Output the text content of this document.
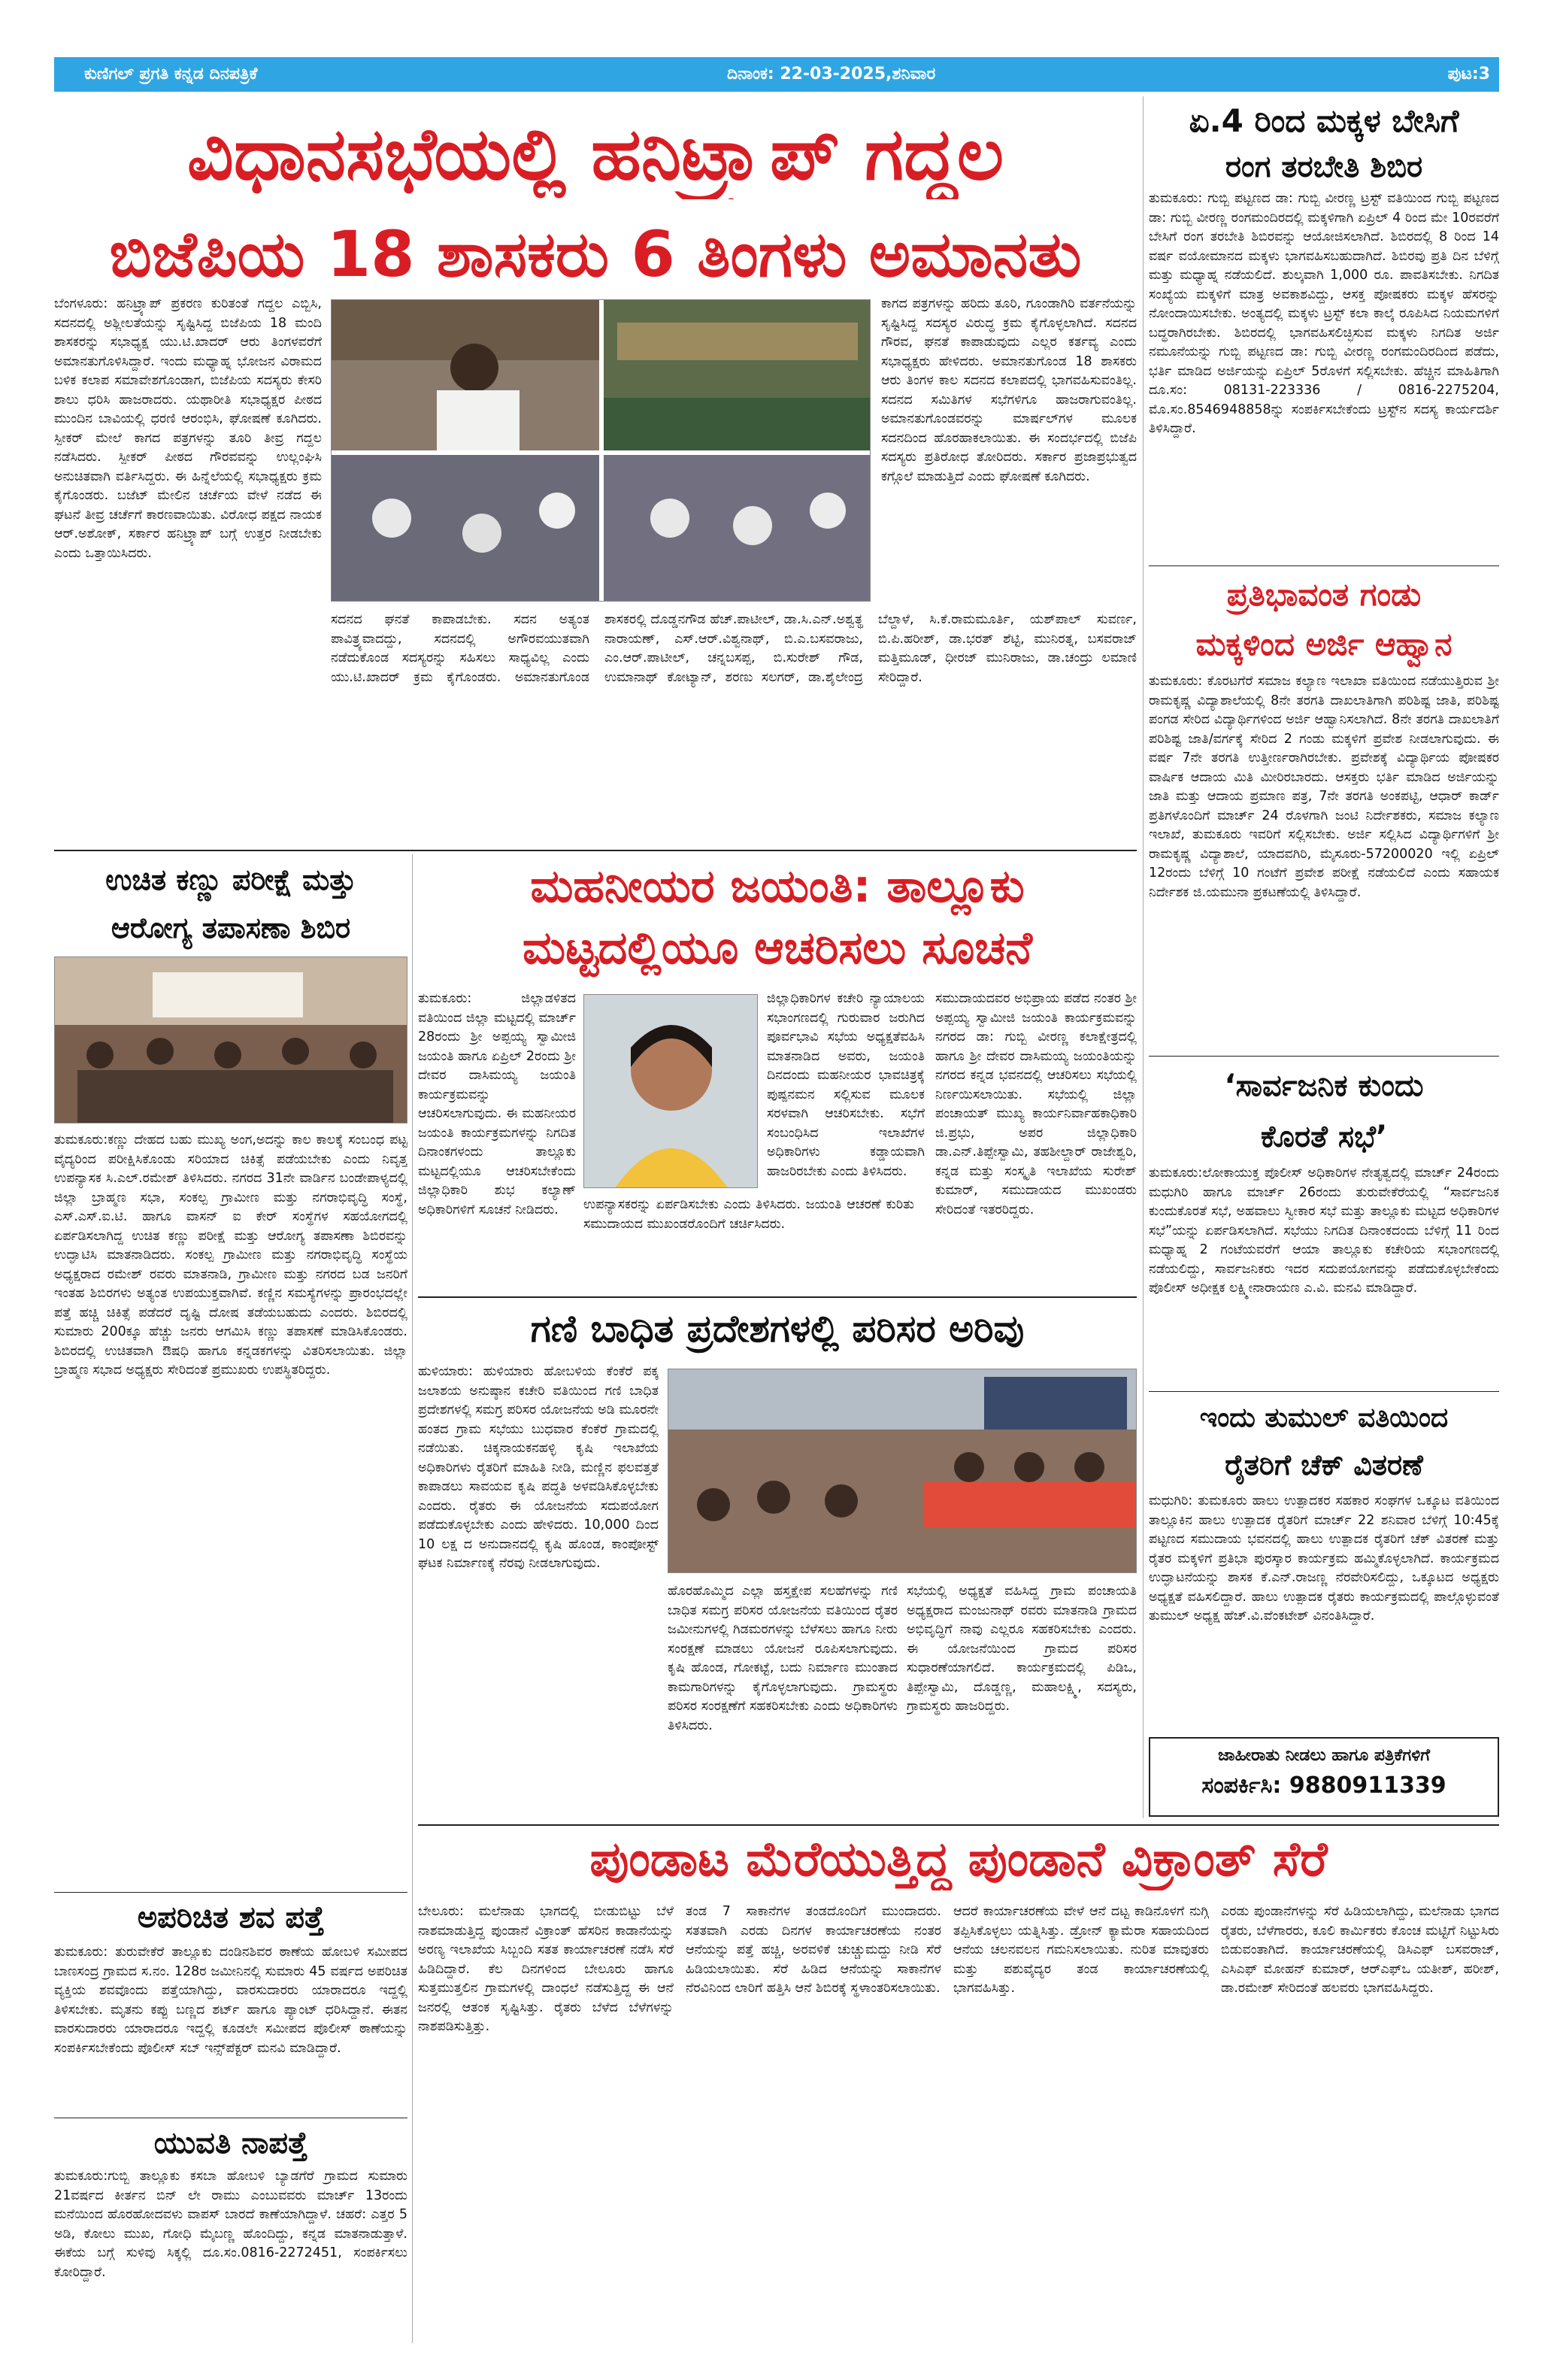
ಕುಣಿಗಲ್ ಪ್ರಗತಿ ಕನ್ನಡ ದಿನಪತ್ರಿಕೆ	ದಿನಾಂಕ: 22-03-2025,ಶನಿವಾರ	ಪುಟ:3
ವಿಧಾನಸಭೆಯಲ್ಲಿ ಹನಿಟ್ರ್ಯಾಪ್ ಗದ್ದಲ
ಬಿಜೆಪಿಯ 18 ಶಾಸಕರು 6 ತಿಂಗಳು ಅಮಾನತು

ಬೆಂಗಳೂರು: ಹನಿಟ್ರ್ಯಾಪ್ ಪ್ರಕರಣ ಕುರಿತಂತೆ ಗದ್ದಲ ಎಬ್ಬಿಸಿ, ಸದನದಲ್ಲಿ ಅಶ್ಲೀಲತೆಯನ್ನು ಸೃಷ್ಟಿಸಿದ್ದ ಬಿಜೆಪಿಯ 18 ಮಂದಿ ಶಾಸಕರನ್ನು ಸಭಾಧ್ಯಕ್ಷ ಯು.ಟಿ.ಖಾದರ್ ಆರು ತಿಂಗಳವರೆಗೆ ಅಮಾನತುಗೊಳಿಸಿದ್ದಾರೆ. ಇಂದು ಮಧ್ಯಾಹ್ನ ಭೋಜನ ವಿರಾಮದ ಬಳಿಕ ಕಲಾಪ ಸಮಾವೇಶಗೊಂಡಾಗ, ಬಿಜೆಪಿಯ ಸದಸ್ಯರು ಕೇಸರಿ ಶಾಲು ಧರಿಸಿ ಹಾಜರಾದರು. ಯಥಾರೀತಿ ಸಭಾಧ್ಯಕ್ಷರ ಪೀಠದ ಮುಂದಿನ ಬಾವಿಯಲ್ಲಿ ಧರಣಿ ಆರಂಭಿಸಿ, ಘೋಷಣೆ ಕೂಗಿದರು. ಸ್ಪೀಕರ್ ಮೇಲೆ ಕಾಗದ ಪತ್ರಗಳನ್ನು ತೂರಿ ತೀವ್ರ ಗದ್ದಲ ನಡೆಸಿದರು. ಸ್ಪೀಕರ್ ಪೀಠದ ಗೌರವವನ್ನು ಉಲ್ಲಂಘಿಸಿ ಅನುಚಿತವಾಗಿ ವರ್ತಿಸಿದ್ದರು. ಈ ಹಿನ್ನೆಲೆಯಲ್ಲಿ ಸಭಾಧ್ಯಕ್ಷರು ಕ್ರಮ ಕೈಗೊಂಡರು. ಬಜೆಟ್ ಮೇಲಿನ ಚರ್ಚೆಯ ವೇಳೆ ನಡೆದ ಈ ಘಟನೆ ತೀವ್ರ ಚರ್ಚೆಗೆ ಕಾರಣವಾಯಿತು. ವಿರೋಧ ಪಕ್ಷದ ನಾಯಕ ಆರ್.ಅಶೋಕ್, ಸರ್ಕಾರ ಹನಿಟ್ರ್ಯಾಪ್ ಬಗ್ಗೆ ಉತ್ತರ ನೀಡಬೇಕು ಎಂದು ಒತ್ತಾಯಿಸಿದರು.

ಕಾಗದ ಪತ್ರಗಳನ್ನು ಹರಿದು ತೂರಿ, ಗೂಂಡಾಗಿರಿ ವರ್ತನೆಯನ್ನು ಸೃಷ್ಟಿಸಿದ್ದ ಸದಸ್ಯರ ವಿರುದ್ಧ ಕ್ರಮ ಕೈಗೊಳ್ಳಲಾಗಿದೆ. ಸದನದ ಗೌರವ, ಘನತೆ ಕಾಪಾಡುವುದು ಎಲ್ಲರ ಕರ್ತವ್ಯ ಎಂದು ಸಭಾಧ್ಯಕ್ಷರು ಹೇಳಿದರು. ಅಮಾನತುಗೊಂಡ 18 ಶಾಸಕರು ಆರು ತಿಂಗಳ ಕಾಲ ಸದನದ ಕಲಾಪದಲ್ಲಿ ಭಾಗವಹಿಸುವಂತಿಲ್ಲ. ಸದನದ ಸಮಿತಿಗಳ ಸಭೆಗಳಿಗೂ ಹಾಜರಾಗುವಂತಿಲ್ಲ. ಅಮಾನತುಗೊಂಡವರನ್ನು ಮಾರ್ಷಲ್‌ಗಳ ಮೂಲಕ ಸದನದಿಂದ ಹೊರಹಾಕಲಾಯಿತು. ಈ ಸಂದರ್ಭದಲ್ಲಿ ಬಿಜೆಪಿ ಸದಸ್ಯರು ಪ್ರತಿರೋಧ ತೋರಿದರು. ಸರ್ಕಾರ ಪ್ರಜಾಪ್ರಭುತ್ವದ ಕಗ್ಗೊಲೆ ಮಾಡುತ್ತಿದೆ ಎಂದು ಘೋಷಣೆ ಕೂಗಿದರು.

ಸದನದ ಘನತೆ ಕಾಪಾಡಬೇಕು. ಸದನ ಅತ್ಯಂತ ಪಾವಿತ್ರ್ಯವಾದದ್ದು, ಸದನದಲ್ಲಿ ಅಗೌರವಯುತವಾಗಿ ನಡೆದುಕೊಂಡ ಸದಸ್ಯರನ್ನು ಸಹಿಸಲು ಸಾಧ್ಯವಿಲ್ಲ ಎಂದು ಯು.ಟಿ.ಖಾದರ್ ಕ್ರಮ ಕೈಗೊಂಡರು. ಅಮಾನತುಗೊಂಡ ಶಾಸಕರಲ್ಲಿ ದೊಡ್ಡನಗೌಡ ಹೆಚ್.ಪಾಟೀಲ್, ಡಾ.ಸಿ.ಎನ್.ಅಶ್ವತ್ಥ ನಾರಾಯಣ್, ಎಸ್.ಆರ್.ವಿಶ್ವನಾಥ್, ಬಿ.ಎ.ಬಸವರಾಜು, ಎಂ.ಆರ್.ಪಾಟೀಲ್, ಚನ್ನಬಸಪ್ಪ, ಬಿ.ಸುರೇಶ್ ಗೌಡ, ಉಮಾನಾಥ್ ಕೋಟ್ಯಾನ್, ಶರಣು ಸಲಗರ್, ಡಾ.ಶೈಲೇಂದ್ರ ಬೆಲ್ದಾಳೆ, ಸಿ.ಕೆ.ರಾಮಮೂರ್ತಿ, ಯಶ್‌ಪಾಲ್ ಸುವರ್ಣ, ಬಿ.ಪಿ.ಹರೀಶ್, ಡಾ.ಭರತ್ ಶೆಟ್ಟಿ, ಮುನಿರತ್ನ, ಬಸವರಾಜ್ ಮತ್ತಿಮೂಡ್, ಧೀರಜ್ ಮುನಿರಾಜು, ಡಾ.ಚಂದ್ರು ಲಮಾಣಿ ಸೇರಿದ್ದಾರೆ.

ಏ.4 ರಿಂದ ಮಕ್ಕಳ ಬೇಸಿಗೆ
ರಂಗ ತರಬೇತಿ ಶಿಬಿರ

ತುಮಕೂರು: ಗುಬ್ಬಿ ಪಟ್ಟಣದ ಡಾ: ಗುಬ್ಬಿ ವೀರಣ್ಣ ಟ್ರಸ್ಟ್ ವತಿಯಿಂದ ಗುಬ್ಬಿ ಪಟ್ಟಣದ ಡಾ: ಗುಬ್ಬಿ ವೀರಣ್ಣ ರಂಗಮಂದಿರದಲ್ಲಿ ಮಕ್ಕಳಿಗಾಗಿ ಏಪ್ರಿಲ್ 4 ರಿಂದ ಮೇ 10ರವರೆಗೆ ಬೇಸಿಗೆ ರಂಗ ತರಬೇತಿ ಶಿಬಿರವನ್ನು ಆಯೋಜಿಸಲಾಗಿದೆ. ಶಿಬಿರದಲ್ಲಿ 8 ರಿಂದ 14 ವರ್ಷ ವಯೋಮಾನದ ಮಕ್ಕಳು ಭಾಗವಹಿಸಬಹುದಾಗಿದೆ. ಶಿಬಿರವು ಪ್ರತಿ ದಿನ ಬೆಳಿಗ್ಗೆ ಮತ್ತು ಮಧ್ಯಾಹ್ನ ನಡೆಯಲಿದೆ. ಶುಲ್ಕವಾಗಿ 1,000 ರೂ. ಪಾವತಿಸಬೇಕು. ನಿಗದಿತ ಸಂಖ್ಯೆಯ ಮಕ್ಕಳಿಗೆ ಮಾತ್ರ ಅವಕಾಶವಿದ್ದು, ಆಸಕ್ತ ಪೋಷಕರು ಮಕ್ಕಳ ಹೆಸರನ್ನು ನೋಂದಾಯಿಸಬೇಕು. ಅಂತ್ಯದಲ್ಲಿ ಮಕ್ಕಳು ಟ್ರಸ್ಟ್ ಕಲಾ ಕಾಲ್ಕೆ ರೂಪಿಸಿದ ನಿಯಮಗಳಿಗೆ ಬದ್ಧರಾಗಿರಬೇಕು. ಶಿಬಿರದಲ್ಲಿ ಭಾಗವಹಿಸಲಿಚ್ಛಿಸುವ ಮಕ್ಕಳು ನಿಗದಿತ ಅರ್ಜಿ ನಮೂನೆಯನ್ನು ಗುಬ್ಬಿ ಪಟ್ಟಣದ ಡಾ: ಗುಬ್ಬಿ ವೀರಣ್ಣ ರಂಗಮಂದಿರದಿಂದ ಪಡೆದು, ಭರ್ತಿ ಮಾಡಿದ ಅರ್ಜಿಯನ್ನು ಏಪ್ರಿಲ್ 5ರೊಳಗೆ ಸಲ್ಲಿಸಬೇಕು. ಹೆಚ್ಚಿನ ಮಾಹಿತಿಗಾಗಿ ದೂ.ಸಂ: 08131-223336 / 0816-2275204, ಮೊ.ಸಂ.8546948858ನ್ನು ಸಂಪರ್ಕಿಸಬೇಕೆಂದು ಟ್ರಸ್ಟ್‌ನ ಸದಸ್ಯ ಕಾರ್ಯದರ್ಶಿ ತಿಳಿಸಿದ್ದಾರೆ.

ಪ್ರತಿಭಾವಂತ ಗಂಡು
ಮಕ್ಕಳಿಂದ ಅರ್ಜಿ ಆಹ್ವಾನ

ತುಮಕೂರು: ಕೊರಟಗೆರೆ ಸಮಾಜ ಕಲ್ಯಾಣ ಇಲಾಖಾ ವತಿಯಿಂದ ನಡೆಯುತ್ತಿರುವ ಶ್ರೀ ರಾಮಕೃಷ್ಣ ವಿದ್ಯಾಶಾಲೆಯಲ್ಲಿ 8ನೇ ತರಗತಿ ದಾಖಲಾತಿಗಾಗಿ ಪರಿಶಿಷ್ಟ ಜಾತಿ, ಪರಿಶಿಷ್ಟ ಪಂಗಡ ಸೇರಿದ ವಿದ್ಯಾರ್ಥಿಗಳಿಂದ ಅರ್ಜಿ ಆಹ್ವಾನಿಸಲಾಗಿದೆ. 8ನೇ ತರಗತಿ ದಾಖಲಾತಿಗೆ ಪರಿಶಿಷ್ಟ ಜಾತಿ/ವರ್ಗಕ್ಕೆ ಸೇರಿದ 2 ಗಂಡು ಮಕ್ಕಳಿಗೆ ಪ್ರವೇಶ ನೀಡಲಾಗುವುದು. ಈ ವರ್ಷ 7ನೇ ತರಗತಿ ಉತ್ತೀರ್ಣರಾಗಿರಬೇಕು. ಪ್ರವೇಶಕ್ಕೆ ವಿದ್ಯಾರ್ಥಿಯ ಪೋಷಕರ ವಾರ್ಷಿಕ ಆದಾಯ ಮಿತಿ ಮೀರಿರಬಾರದು. ಆಸಕ್ತರು ಭರ್ತಿ ಮಾಡಿದ ಅರ್ಜಿಯನ್ನು ಜಾತಿ ಮತ್ತು ಆದಾಯ ಪ್ರಮಾಣ ಪತ್ರ, 7ನೇ ತರಗತಿ ಅಂಕಪಟ್ಟಿ, ಆಧಾರ್ ಕಾರ್ಡ್ ಪ್ರತಿಗಳೊಂದಿಗೆ ಮಾರ್ಚ್ 24 ರೊಳಗಾಗಿ ಜಂಟಿ ನಿರ್ದೇಶಕರು, ಸಮಾಜ ಕಲ್ಯಾಣ ಇಲಾಖೆ, ತುಮಕೂರು ಇವರಿಗೆ ಸಲ್ಲಿಸಬೇಕು. ಅರ್ಜಿ ಸಲ್ಲಿಸಿದ ವಿದ್ಯಾರ್ಥಿಗಳಿಗೆ ಶ್ರೀ ರಾಮಕೃಷ್ಣ ವಿದ್ಯಾಶಾಲೆ, ಯಾದವಗಿರಿ, ಮೈಸೂರು-57200020 ಇಲ್ಲಿ ಏಪ್ರಿಲ್ 12ರಂದು ಬೆಳಿಗ್ಗೆ 10 ಗಂಟೆಗೆ ಪ್ರವೇಶ ಪರೀಕ್ಷೆ ನಡೆಯಲಿದೆ ಎಂದು ಸಹಾಯಕ ನಿರ್ದೇಶಕ ಜಿ.ಯಮುನಾ ಪ್ರಕಟಣೆಯಲ್ಲಿ ತಿಳಿಸಿದ್ದಾರೆ.

‘ಸಾರ್ವಜನಿಕ ಕುಂದು
ಕೊರತೆ ಸಭೆ’

ತುಮಕೂರು:ಲೋಕಾಯುಕ್ತ ಪೊಲೀಸ್ ಅಧಿಕಾರಿಗಳ ನೇತೃತ್ವದಲ್ಲಿ ಮಾರ್ಚ್ 24ರಂದು ಮಧುಗಿರಿ ಹಾಗೂ ಮಾರ್ಚ್ 26ರಂದು ತುರುವೇಕೆರೆಯಲ್ಲಿ “ಸಾರ್ವಜನಿಕ ಕುಂದುಕೊರತೆ ಸಭೆ, ಅಹವಾಲು ಸ್ವೀಕಾರ ಸಭೆ ಮತ್ತು ತಾಲ್ಲೂಕು ಮಟ್ಟದ ಅಧಿಕಾರಿಗಳ ಸಭೆ”ಯನ್ನು ಏರ್ಪಡಿಸಲಾಗಿದೆ. ಸಭೆಯು ನಿಗದಿತ ದಿನಾಂಕದಂದು ಬೆಳಿಗ್ಗೆ 11 ರಿಂದ ಮಧ್ಯಾಹ್ನ 2 ಗಂಟೆಯವರೆಗೆ ಆಯಾ ತಾಲ್ಲೂಕು ಕಚೇರಿಯ ಸಭಾಂಗಣದಲ್ಲಿ ನಡೆಯಲಿದ್ದು, ಸಾರ್ವಜನಿಕರು ಇದರ ಸದುಪಯೋಗವನ್ನು ಪಡೆದುಕೊಳ್ಳಬೇಕೆಂದು ಪೊಲೀಸ್ ಅಧೀಕ್ಷಕ ಲಕ್ಷ್ಮೀನಾರಾಯಣ ಎ.ವಿ. ಮನವಿ ಮಾಡಿದ್ದಾರೆ.

ಇಂದು ತುಮುಲ್ ವತಿಯಿಂದ
ರೈತರಿಗೆ ಚೆಕ್ ವಿತರಣೆ

ಮಧುಗಿರಿ: ತುಮಕೂರು ಹಾಲು ಉತ್ಪಾದಕರ ಸಹಕಾರ ಸಂಘಗಳ ಒಕ್ಕೂಟ ವತಿಯಿಂದ ತಾಲ್ಲೂಕಿನ ಹಾಲು ಉತ್ಪಾದಕ ರೈತರಿಗೆ ಮಾರ್ಚ್ 22 ಶನಿವಾರ ಬೆಳಿಗ್ಗೆ 10:45ಕ್ಕೆ ಪಟ್ಟಣದ ಸಮುದಾಯ ಭವನದಲ್ಲಿ ಹಾಲು ಉತ್ಪಾದಕ ರೈತರಿಗೆ ಚೆಕ್ ವಿತರಣೆ ಮತ್ತು ರೈತರ ಮಕ್ಕಳಿಗೆ ಪ್ರತಿಭಾ ಪುರಸ್ಕಾರ ಕಾರ್ಯಕ್ರಮ ಹಮ್ಮಿಕೊಳ್ಳಲಾಗಿದೆ. ಕಾರ್ಯಕ್ರಮದ ಉದ್ಘಾಟನೆಯನ್ನು ಶಾಸಕ ಕೆ.ಎನ್.ರಾಜಣ್ಣ ನೆರವೇರಿಸಲಿದ್ದು, ಒಕ್ಕೂಟದ ಅಧ್ಯಕ್ಷರು ಅಧ್ಯಕ್ಷತೆ ವಹಿಸಲಿದ್ದಾರೆ. ಹಾಲು ಉತ್ಪಾದಕ ರೈತರು ಕಾರ್ಯಕ್ರಮದಲ್ಲಿ ಪಾಲ್ಗೊಳ್ಳುವಂತೆ ತುಮುಲ್ ಅಧ್ಯಕ್ಷ ಹೆಚ್.ವಿ.ವೆಂಕಟೇಶ್ ವಿನಂತಿಸಿದ್ದಾರೆ.

ಜಾಹೀರಾತು ನೀಡಲು ಹಾಗೂ ಪತ್ರಿಕೆಗಳಿಗೆ
ಸಂಪರ್ಕಿಸಿ: 9880911339
ಉಚಿತ ಕಣ್ಣು ಪರೀಕ್ಷೆ ಮತ್ತು
ಆರೋಗ್ಯ ತಪಾಸಣಾ ಶಿಬಿರ

ತುಮಕೂರು:ಕಣ್ಣು ದೇಹದ ಬಹು ಮುಖ್ಯ ಅಂಗ,ಅದನ್ನು ಕಾಲ ಕಾಲಕ್ಕೆ ಸಂಬಂಧ ಪಟ್ಟ ವೈದ್ಯರಿಂದ ಪರೀಕ್ಷಿಸಿಕೊಂಡು ಸರಿಯಾದ ಚಿಕಿತ್ಸೆ ಪಡೆಯಬೇಕು ಎಂದು ನಿವೃತ್ತ ಉಪನ್ಯಾಸಕ ಸಿ.ಎಲ್.ರಮೇಶ್ ತಿಳಿಸಿದರು. ನಗರದ 31ನೇ ವಾರ್ಡಿನ ಬಂಡೇಪಾಳ್ಯದಲ್ಲಿ ಜಿಲ್ಲಾ ಬ್ರಾಹ್ಮಣ ಸಭಾ, ಸಂಕಲ್ಪ ಗ್ರಾಮೀಣ ಮತ್ತು ನಗರಾಭಿವೃದ್ಧಿ ಸಂಸ್ಥೆ, ಎಸ್.ಎಸ್.ಐ.ಟಿ. ಹಾಗೂ ವಾಸನ್ ಐ ಕೇರ್ ಸಂಸ್ಥೆಗಳ ಸಹಯೋಗದಲ್ಲಿ ಏರ್ಪಡಿಸಲಾಗಿದ್ದ ಉಚಿತ ಕಣ್ಣು ಪರೀಕ್ಷೆ ಮತ್ತು ಆರೋಗ್ಯ ತಪಾಸಣಾ ಶಿಬಿರವನ್ನು ಉದ್ಘಾಟಿಸಿ ಮಾತನಾಡಿದರು. ಸಂಕಲ್ಪ ಗ್ರಾಮೀಣ ಮತ್ತು ನಗರಾಭಿವೃದ್ಧಿ ಸಂಸ್ಥೆಯ ಅಧ್ಯಕ್ಷರಾದ ರಮೇಶ್ ರವರು ಮಾತನಾಡಿ, ಗ್ರಾಮೀಣ ಮತ್ತು ನಗರದ ಬಡ ಜನರಿಗೆ ಇಂತಹ ಶಿಬಿರಗಳು ಅತ್ಯಂತ ಉಪಯುಕ್ತವಾಗಿವೆ. ಕಣ್ಣಿನ ಸಮಸ್ಯೆಗಳನ್ನು ಪ್ರಾರಂಭದಲ್ಲೇ ಪತ್ತೆ ಹಚ್ಚಿ ಚಿಕಿತ್ಸೆ ಪಡೆದರೆ ದೃಷ್ಟಿ ದೋಷ ತಡೆಯಬಹುದು ಎಂದರು. ಶಿಬಿರದಲ್ಲಿ ಸುಮಾರು 200ಕ್ಕೂ ಹೆಚ್ಚು ಜನರು ಆಗಮಿಸಿ ಕಣ್ಣು ತಪಾಸಣೆ ಮಾಡಿಸಿಕೊಂಡರು. ಶಿಬಿರದಲ್ಲಿ ಉಚಿತವಾಗಿ ಔಷಧಿ ಹಾಗೂ ಕನ್ನಡಕಗಳನ್ನು ವಿತರಿಸಲಾಯಿತು. ಜಿಲ್ಲಾ ಬ್ರಾಹ್ಮಣ ಸಭಾದ ಅಧ್ಯಕ್ಷರು ಸೇರಿದಂತೆ ಪ್ರಮುಖರು ಉಪಸ್ಥಿತರಿದ್ದರು.

ಅಪರಿಚಿತ ಶವ ಪತ್ತೆ

ತುಮಕೂರು: ತುರುವೇಕೆರೆ ತಾಲ್ಲೂಕು ದಂಡಿನಶಿವರ ಠಾಣೆಯ ಹೋಬಳಿ ಸಮೀಪದ ಬಾಣಸಂದ್ರ ಗ್ರಾಮದ ಸ.ನಂ. 128ರ ಜಮೀನಿನಲ್ಲಿ ಸುಮಾರು 45 ವರ್ಷದ ಅಪರಿಚಿತ ವ್ಯಕ್ತಿಯ ಶವವೊಂದು ಪತ್ತೆಯಾಗಿದ್ದು, ವಾರಸುದಾರರು ಯಾರಾದರೂ ಇದ್ದಲ್ಲಿ ತಿಳಿಸಬೇಕು. ಮೃತನು ಕಪ್ಪು ಬಣ್ಣದ ಶರ್ಟ್ ಹಾಗೂ ಪ್ಯಾಂಟ್ ಧರಿಸಿದ್ದಾನೆ. ಈತನ ವಾರಸುದಾರರು ಯಾರಾದರೂ ಇದ್ದಲ್ಲಿ ಕೂಡಲೇ ಸಮೀಪದ ಪೊಲೀಸ್ ಠಾಣೆಯನ್ನು ಸಂಪರ್ಕಿಸಬೇಕೆಂದು ಪೊಲೀಸ್ ಸಬ್ ಇನ್ಸ್‌ಪೆಕ್ಟರ್ ಮನವಿ ಮಾಡಿದ್ದಾರೆ.

ಯುವತಿ ನಾಪತ್ತೆ

ತುಮಕೂರು:ಗುಬ್ಬಿ ತಾಲ್ಲೂಕು ಕಸಬಾ ಹೋಬಳಿ ಬ್ಯಾಡಗೆರೆ ಗ್ರಾಮದ ಸುಮಾರು 21ವರ್ಷದ ಕೀರ್ತನ ಬಿನ್ ಲೇ ರಾಮು ಎಂಬುವವರು ಮಾರ್ಚ್ 13ರಂದು ಮನೆಯಿಂದ ಹೊರಹೋದವಳು ವಾಪಸ್ ಬಾರದೆ ಕಾಣೆಯಾಗಿದ್ದಾಳೆ. ಚಹರೆ: ಎತ್ತರ 5 ಅಡಿ, ಕೋಲು ಮುಖ, ಗೋಧಿ ಮೈಬಣ್ಣ ಹೊಂದಿದ್ದು, ಕನ್ನಡ ಮಾತನಾಡುತ್ತಾಳೆ. ಈಕೆಯ ಬಗ್ಗೆ ಸುಳಿವು ಸಿಕ್ಕಲ್ಲಿ ದೂ.ಸಂ.0816-2272451, ಸಂಪರ್ಕಿಸಲು ಕೋರಿದ್ದಾರೆ.

ಮಹನೀಯರ ಜಯಂತಿ: ತಾಲ್ಲೂಕು
ಮಟ್ಟದಲ್ಲಿಯೂ ಆಚರಿಸಲು ಸೂಚನೆ

ತುಮಕೂರು: ಜಿಲ್ಲಾಡಳಿತದ ವತಿಯಿಂದ ಜಿಲ್ಲಾ ಮಟ್ಟದಲ್ಲಿ ಮಾರ್ಚ್ 28ರಂದು ಶ್ರೀ ಅಪ್ಪಯ್ಯ ಸ್ವಾಮೀಜಿ ಜಯಂತಿ ಹಾಗೂ ಏಪ್ರಿಲ್ 2ರಂದು ಶ್ರೀ ದೇವರ ದಾಸಿಮಯ್ಯ ಜಯಂತಿ ಕಾರ್ಯಕ್ರಮವನ್ನು ಆಚರಿಸಲಾಗುವುದು. ಈ ಮಹನೀಯರ ಜಯಂತಿ ಕಾರ್ಯಕ್ರಮಗಳನ್ನು ನಿಗದಿತ ದಿನಾಂಕಗಳಂದು ತಾಲ್ಲೂಕು ಮಟ್ಟದಲ್ಲಿಯೂ ಆಚರಿಸಬೇಕೆಂದು ಜಿಲ್ಲಾಧಿಕಾರಿ ಶುಭ ಕಲ್ಯಾಣ್ ಅಧಿಕಾರಿಗಳಿಗೆ ಸೂಚನೆ ನೀಡಿದರು.	ಉಪನ್ಯಾಸಕರನ್ನು ಏರ್ಪಡಿಸಬೇಕು ಎಂದು ತಿಳಿಸಿದರು. ಜಯಂತಿ ಆಚರಣೆ ಕುರಿತು ಸಮುದಾಯದ ಮುಖಂಡರೊಂದಿಗೆ ಚರ್ಚಿಸಿದರು.

ಜಿಲ್ಲಾಧಿಕಾರಿಗಳ ಕಚೇರಿ ನ್ಯಾಯಾಲಯ ಸಭಾಂಗಣದಲ್ಲಿ ಗುರುವಾರ ಜರುಗಿದ ಪೂರ್ವಭಾವಿ ಸಭೆಯ ಅಧ್ಯಕ್ಷತೆವಹಿಸಿ ಮಾತನಾಡಿದ ಅವರು, ಜಯಂತಿ ದಿನದಂದು ಮಹನೀಯರ ಭಾವಚಿತ್ರಕ್ಕೆ ಪುಷ್ಪನಮನ ಸಲ್ಲಿಸುವ ಮೂಲಕ ಸರಳವಾಗಿ ಆಚರಿಸಬೇಕು. ಸಭೆಗೆ ಸಂಬಂಧಿಸಿದ ಇಲಾಖೆಗಳ ಅಧಿಕಾರಿಗಳು ಕಡ್ಡಾಯವಾಗಿ ಹಾಜರಿರಬೇಕು ಎಂದು ತಿಳಿಸಿದರು.

ಸಮುದಾಯದವರ ಅಭಿಪ್ರಾಯ ಪಡೆದ ನಂತರ ಶ್ರೀ ಅಪ್ಪಯ್ಯ ಸ್ವಾಮೀಜಿ ಜಯಂತಿ ಕಾರ್ಯಕ್ರಮವನ್ನು ನಗರದ ಡಾ: ಗುಬ್ಬಿ ವೀರಣ್ಣ ಕಲಾಕ್ಷೇತ್ರದಲ್ಲಿ ಹಾಗೂ ಶ್ರೀ ದೇವರ ದಾಸಿಮಯ್ಯ ಜಯಂತಿಯನ್ನು ನಗರದ ಕನ್ನಡ ಭವನದಲ್ಲಿ ಆಚರಿಸಲು ಸಭೆಯಲ್ಲಿ ನಿರ್ಣಯಿಸಲಾಯಿತು. ಸಭೆಯಲ್ಲಿ ಜಿಲ್ಲಾ ಪಂಚಾಯತ್ ಮುಖ್ಯ ಕಾರ್ಯನಿರ್ವಾಹಕಾಧಿಕಾರಿ ಜಿ.ಪ್ರಭು, ಅಪರ ಜಿಲ್ಲಾಧಿಕಾರಿ ಡಾ.ಎನ್.ತಿಪ್ಪೇಸ್ವಾಮಿ, ತಹಶೀಲ್ದಾರ್ ರಾಜೇಶ್ವರಿ, ಕನ್ನಡ ಮತ್ತು ಸಂಸ್ಕೃತಿ ಇಲಾಖೆಯ ಸುರೇಶ್ ಕುಮಾರ್, ಸಮುದಾಯದ ಮುಖಂಡರು ಸೇರಿದಂತೆ ಇತರರಿದ್ದರು.

ಗಣಿ ಬಾಧಿತ ಪ್ರದೇಶಗಳಲ್ಲಿ ಪರಿಸರ ಅರಿವು

ಹುಳಿಯಾರು: ಹುಳಿಯಾರು ಹೋಬಳಿಯ ಕೆಂಕೆರೆ ಪಕ್ಕ ಜಲಾಶಯ ಅನುಷ್ಠಾನ ಕಚೇರಿ ವತಿಯಿಂದ ಗಣಿ ಬಾಧಿತ ಪ್ರದೇಶಗಳಲ್ಲಿ ಸಮಗ್ರ ಪರಿಸರ ಯೋಜನೆಯ ಅಡಿ ಮೂರನೇ ಹಂತದ ಗ್ರಾಮ ಸಭೆಯು ಬುಧವಾರ ಕೆಂಕೆರೆ ಗ್ರಾಮದಲ್ಲಿ ನಡೆಯಿತು. ಚಿಕ್ಕನಾಯಕನಹಳ್ಳಿ ಕೃಷಿ ಇಲಾಖೆಯ ಅಧಿಕಾರಿಗಳು ರೈತರಿಗೆ ಮಾಹಿತಿ ನೀಡಿ, ಮಣ್ಣಿನ ಫಲವತ್ತತೆ ಕಾಪಾಡಲು ಸಾವಯವ ಕೃಷಿ ಪದ್ಧತಿ ಅಳವಡಿಸಿಕೊಳ್ಳಬೇಕು ಎಂದರು. ರೈತರು ಈ ಯೋಜನೆಯ ಸದುಪಯೋಗ ಪಡೆದುಕೊಳ್ಳಬೇಕು ಎಂದು ಹೇಳಿದರು. 10,000 ದಿಂದ 10 ಲಕ್ಷ ದ ಅನುದಾನದಲ್ಲಿ ಕೃಷಿ ಹೊಂಡ, ಕಾಂಪೋಸ್ಟ್ ಘಟಕ ನಿರ್ಮಾಣಕ್ಕೆ ನೆರವು ನೀಡಲಾಗುವುದು.

ಹೊರಹೊಮ್ಮಿದ ಎಲ್ಲಾ ಹಸ್ತಕ್ಷೇಪ ಸಲಹೆಗಳನ್ನು ಗಣಿ ಬಾಧಿತ ಸಮಗ್ರ ಪರಿಸರ ಯೋಜನೆಯ ವತಿಯಿಂದ ರೈತರ ಜಮೀನುಗಳಲ್ಲಿ ಗಿಡಮರಗಳನ್ನು ಬೆಳೆಸಲು ಹಾಗೂ ನೀರು ಸಂರಕ್ಷಣೆ ಮಾಡಲು ಯೋಜನೆ ರೂಪಿಸಲಾಗುವುದು. ಕೃಷಿ ಹೊಂಡ, ಗೋಕಟ್ಟೆ, ಬದು ನಿರ್ಮಾಣ ಮುಂತಾದ ಕಾಮಗಾರಿಗಳನ್ನು ಕೈಗೊಳ್ಳಲಾಗುವುದು. ಗ್ರಾಮಸ್ಥರು ಪರಿಸರ ಸಂರಕ್ಷಣೆಗೆ ಸಹಕರಿಸಬೇಕು ಎಂದು ಅಧಿಕಾರಿಗಳು ತಿಳಿಸಿದರು.

ಸಭೆಯಲ್ಲಿ ಅಧ್ಯಕ್ಷತೆ ವಹಿಸಿದ್ದ ಗ್ರಾಮ ಪಂಚಾಯತಿ ಅಧ್ಯಕ್ಷರಾದ ಮಂಜುನಾಥ್ ರವರು ಮಾತನಾಡಿ ಗ್ರಾಮದ ಅಭಿವೃದ್ಧಿಗೆ ನಾವು ಎಲ್ಲರೂ ಸಹಕರಿಸಬೇಕು ಎಂದರು. ಈ ಯೋಜನೆಯಿಂದ ಗ್ರಾಮದ ಪರಿಸರ ಸುಧಾರಣೆಯಾಗಲಿದೆ. ಕಾರ್ಯಕ್ರಮದಲ್ಲಿ ಪಿಡಿಒ, ತಿಪ್ಪೇಸ್ವಾಮಿ, ದೊಡ್ಡಣ್ಣ, ಮಹಾಲಕ್ಷ್ಮಿ, ಸದಸ್ಯರು, ಗ್ರಾಮಸ್ಥರು ಹಾಜರಿದ್ದರು.

ಪುಂಡಾಟ ಮೆರೆಯುತ್ತಿದ್ದ ಪುಂಡಾನೆ ವಿಕ್ರಾಂತ್ ಸೆರೆ

ಬೇಲೂರು: ಮಲೆನಾಡು ಭಾಗದಲ್ಲಿ ಬೀಡುಬಿಟ್ಟು ಬೆಳೆ ನಾಶಮಾಡುತ್ತಿದ್ದ ಪುಂಡಾನೆ ವಿಕ್ರಾಂತ್ ಹೆಸರಿನ ಕಾಡಾನೆಯನ್ನು ಅರಣ್ಯ ಇಲಾಖೆಯ ಸಿಬ್ಬಂದಿ ಸತತ ಕಾರ್ಯಾಚರಣೆ ನಡೆಸಿ ಸೆರೆ ಹಿಡಿದಿದ್ದಾರೆ. ಕೆಲ ದಿನಗಳಿಂದ ಬೇಲೂರು ಹಾಗೂ ಸುತ್ತಮುತ್ತಲಿನ ಗ್ರಾಮಗಳಲ್ಲಿ ದಾಂಧಲೆ ನಡೆಸುತ್ತಿದ್ದ ಈ ಆನೆ ಜನರಲ್ಲಿ ಆತಂಕ ಸೃಷ್ಟಿಸಿತ್ತು. ರೈತರು ಬೆಳೆದ ಬೆಳೆಗಳನ್ನು ನಾಶಪಡಿಸುತ್ತಿತ್ತು.

ತಂಡ 7 ಸಾಕಾನೆಗಳ ತಂಡದೊಂದಿಗೆ ಮುಂದಾದರು. ಸತತವಾಗಿ ಎರಡು ದಿನಗಳ ಕಾರ್ಯಾಚರಣೆಯ ನಂತರ ಆನೆಯನ್ನು ಪತ್ತೆ ಹಚ್ಚಿ, ಅರವಳಿಕೆ ಚುಚ್ಚುಮದ್ದು ನೀಡಿ ಸೆರೆ ಹಿಡಿಯಲಾಯಿತು. ಸೆರೆ ಹಿಡಿದ ಆನೆಯನ್ನು ಸಾಕಾನೆಗಳ ನೆರವಿನಿಂದ ಲಾರಿಗೆ ಹತ್ತಿಸಿ ಆನೆ ಶಿಬಿರಕ್ಕೆ ಸ್ಥಳಾಂತರಿಸಲಾಯಿತು.

ಆದರೆ ಕಾರ್ಯಾಚರಣೆಯ ವೇಳೆ ಆನೆ ದಟ್ಟ ಕಾಡಿನೊಳಗೆ ನುಗ್ಗಿ ತಪ್ಪಿಸಿಕೊಳ್ಳಲು ಯತ್ನಿಸಿತ್ತು. ಡ್ರೋನ್ ಕ್ಯಾಮೆರಾ ಸಹಾಯದಿಂದ ಆನೆಯ ಚಲನವಲನ ಗಮನಿಸಲಾಯಿತು. ನುರಿತ ಮಾವುತರು ಮತ್ತು ಪಶುವೈದ್ಯರ ತಂಡ ಕಾರ್ಯಾಚರಣೆಯಲ್ಲಿ ಭಾಗವಹಿಸಿತ್ತು.

ಎರಡು ಪುಂಡಾನೆಗಳನ್ನು ಸೆರೆ ಹಿಡಿಯಲಾಗಿದ್ದು, ಮಲೆನಾಡು ಭಾಗದ ರೈತರು, ಬೆಳೆಗಾರರು, ಕೂಲಿ ಕಾರ್ಮಿಕರು ಕೊಂಚ ಮಟ್ಟಿಗೆ ನಿಟ್ಟುಸಿರು ಬಿಡುವಂತಾಗಿದೆ. ಕಾರ್ಯಾಚರಣೆಯಲ್ಲಿ ಡಿಸಿಎಫ್ ಬಸವರಾಜ್, ಎಸಿಎಫ್ ಮೋಹನ್ ಕುಮಾರ್, ಆರ್‌ಎಫ್‌ಒ ಯತೀಶ್, ಹರೀಶ್, ಡಾ.ರಮೇಶ್ ಸೇರಿದಂತೆ ಹಲವರು ಭಾಗವಹಿಸಿದ್ದರು.
